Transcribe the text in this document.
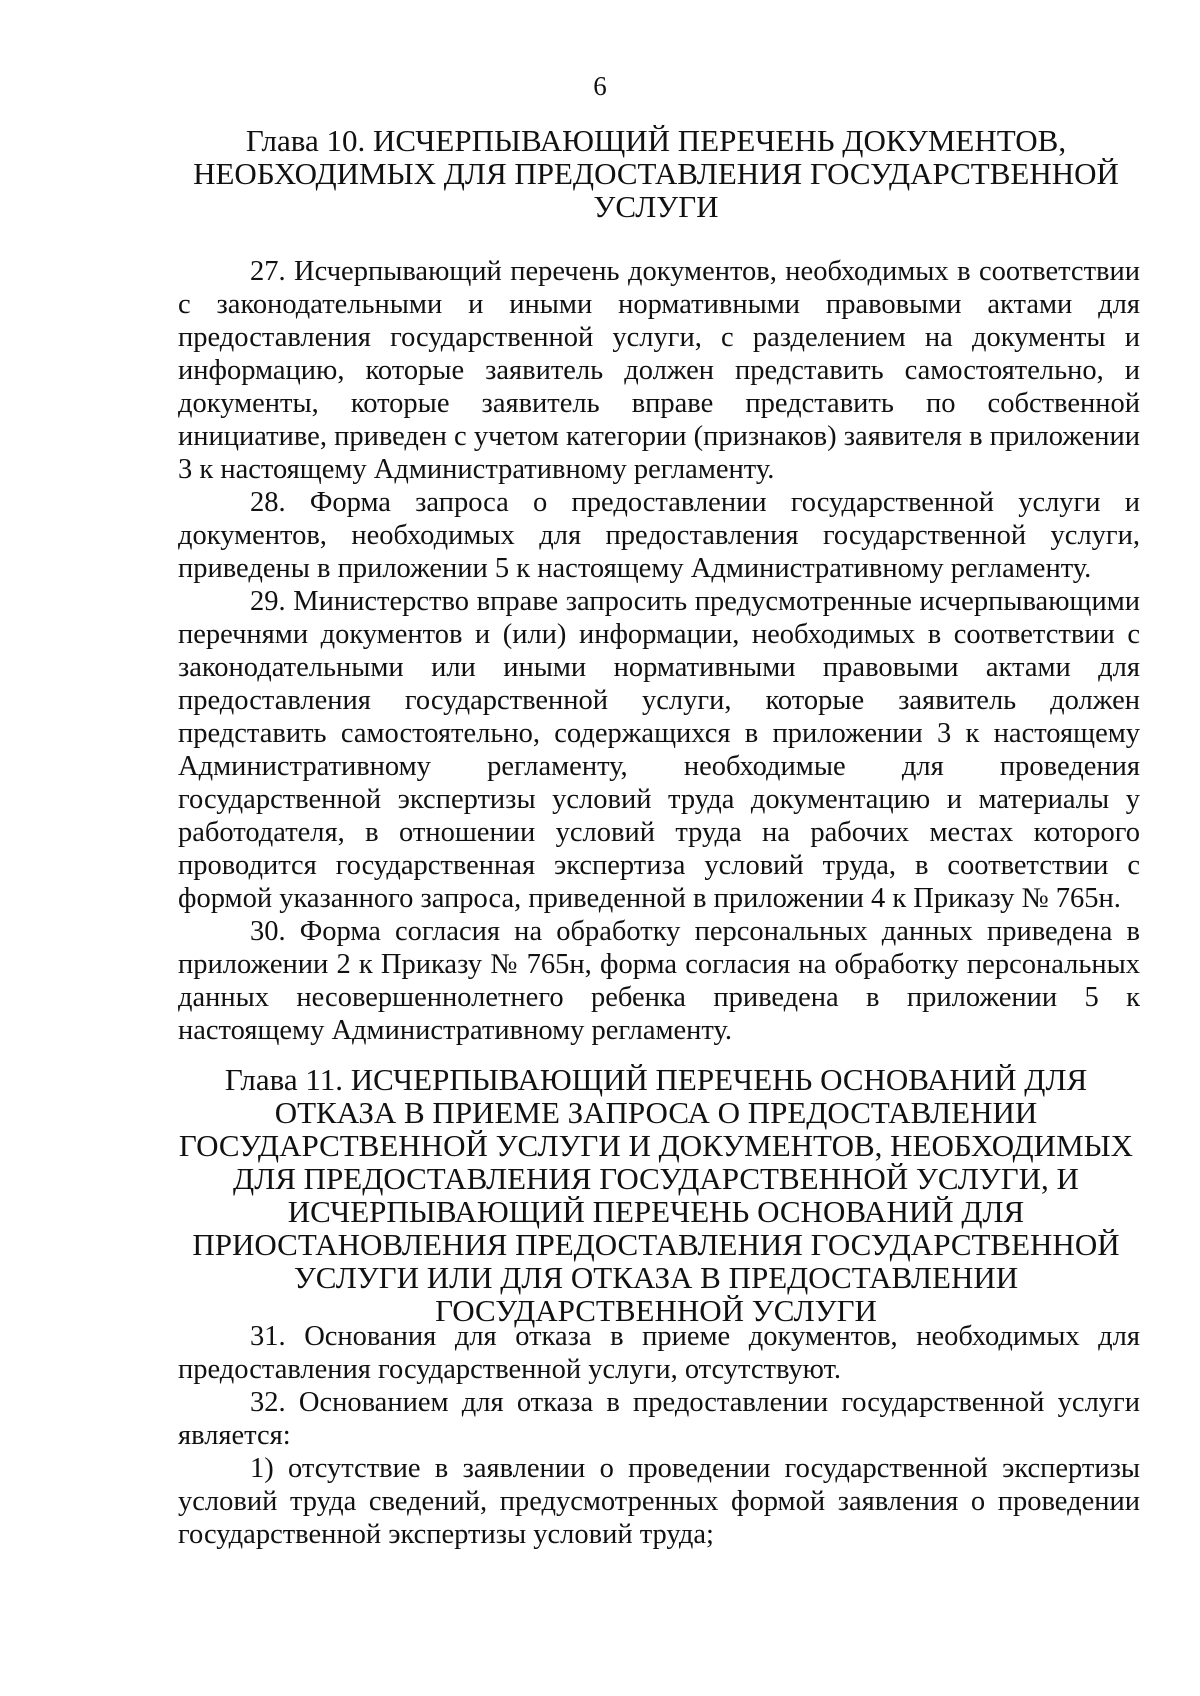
6
Глава 10. ИСЧЕРПЫВАЮЩИЙ ПЕРЕЧЕНЬ ДОКУМЕНТОВ, НЕОБХОДИМЫХ ДЛЯ ПРЕДОСТАВЛЕНИЯ ГОСУДАРСТВЕННОЙ УСЛУГИ

27. Исчерпывающий перечень документов, необходимых в соответствии с законодательными и иными нормативными правовыми актами для предоставления государственной услуги, с разделением на документы и информацию, которые заявитель должен представить самостоятельно, и документы, которые заявитель вправе представить по собственной инициативе, приведен с учетом категории (признаков) заявителя в приложении 3 к настоящему Административному регламенту.

28. Форма запроса о предоставлении государственной услуги и документов, необходимых для предоставления государственной услуги, приведены в приложении 5 к настоящему Административному регламенту.

29. Министерство вправе запросить предусмотренные исчерпывающими перечнями документов и (или) информации, необходимых в соответствии с законодательными или иными нормативными правовыми актами для предоставления государственной услуги, которые заявитель должен представить самостоятельно, содержащихся в приложении 3 к настоящему Административному регламенту, необходимые для проведения государственной экспертизы условий труда документацию и материалы у работодателя, в отношении условий труда на рабочих местах которого проводится государственная экспертиза условий труда, в соответствии с формой указанного запроса, приведенной в приложении 4 к Приказу № 765н.

30. Форма согласия на обработку персональных данных приведена в приложении 2 к Приказу № 765н, форма согласия на обработку персональных данных несовершеннолетнего ребенка приведена в приложении 5 к настоящему Административному регламенту.

Глава 11. ИСЧЕРПЫВАЮЩИЙ ПЕРЕЧЕНЬ ОСНОВАНИЙ ДЛЯ ОТКАЗА В ПРИЕМЕ ЗАПРОСА О ПРЕДОСТАВЛЕНИИ ГОСУДАРСТВЕННОЙ УСЛУГИ И ДОКУМЕНТОВ, НЕОБХОДИМЫХ ДЛЯ ПРЕДОСТАВЛЕНИЯ ГОСУДАРСТВЕННОЙ УСЛУГИ, И ИСЧЕРПЫВАЮЩИЙ ПЕРЕЧЕНЬ ОСНОВАНИЙ ДЛЯ ПРИОСТАНОВЛЕНИЯ ПРЕДОСТАВЛЕНИЯ ГОСУДАРСТВЕННОЙ УСЛУГИ ИЛИ ДЛЯ ОТКАЗА В ПРЕДОСТАВЛЕНИИ ГОСУДАРСТВЕННОЙ УСЛУГИ

31. Основания для отказа в приеме документов, необходимых для предоставления государственной услуги, отсутствуют.

32. Основанием для отказа в предоставлении государственной услуги является:

1) отсутствие в заявлении о проведении государственной экспертизы условий труда сведений, предусмотренных формой заявления о проведении государственной экспертизы условий труда;
